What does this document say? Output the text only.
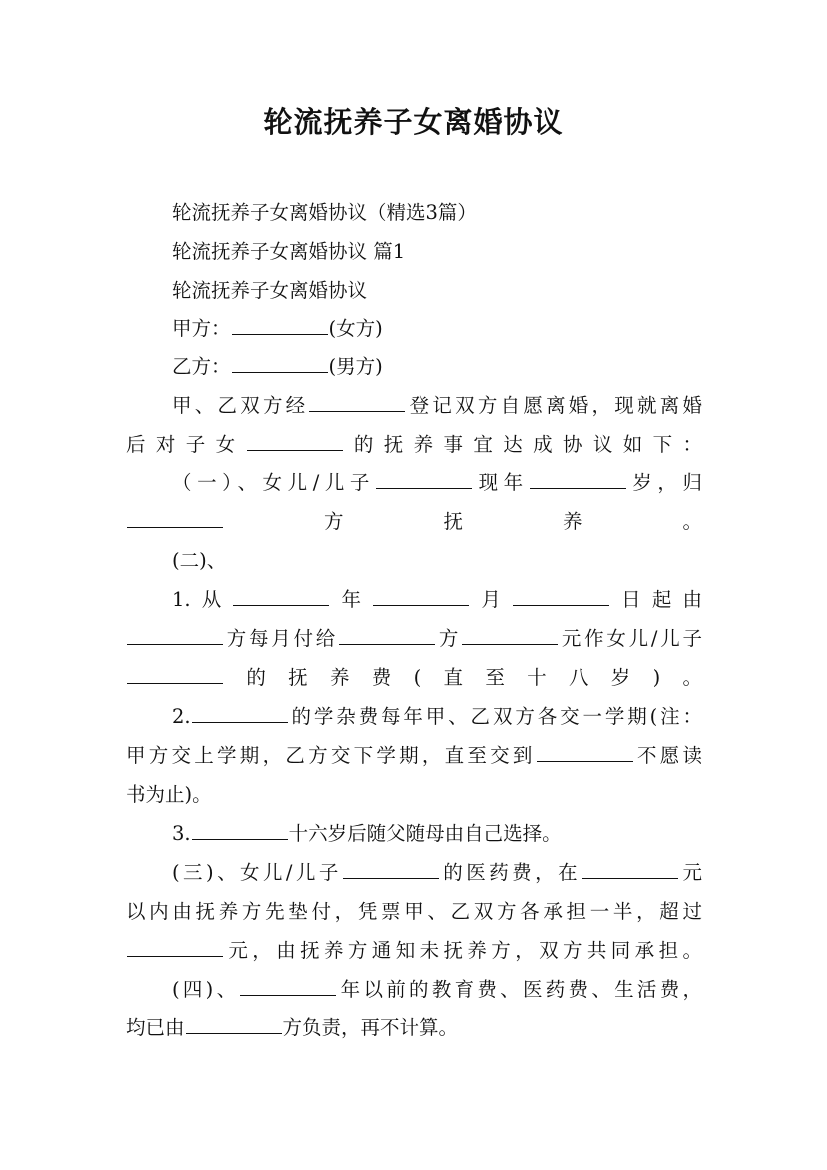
轮流抚养子女离婚协议
轮流抚养子女离婚协议（精选3篇）
轮流抚养子女离婚协议 篇1
轮流抚养子女离婚协议
甲方：	(女方)
乙方：	(男方)
甲、乙双方经	登记双方自愿离婚，现就离婚
后对子女	的抚养事宜达成协议如下：
（一）、女儿/儿子	现年	岁，归
方抚养。
(二)、
1.从	年	月	日起由
方每月付给	方	元作女儿/儿子
的抚养费(直至十八岁)。
2.	的学杂费每年甲、乙双方各交一学期(注：
甲方交上学期，乙方交下学期，直至交到	不愿读
书为止)。
3.	十六岁后随父随母由自己选择。
(三)、女儿/儿子	的医药费，在	元
以内由抚养方先垫付，凭票甲、乙双方各承担一半，超过
元，由抚养方通知未抚养方，双方共同承担。
(四)、	年以前的教育费、医药费、生活费，
均已由	方负责，再不计算。
